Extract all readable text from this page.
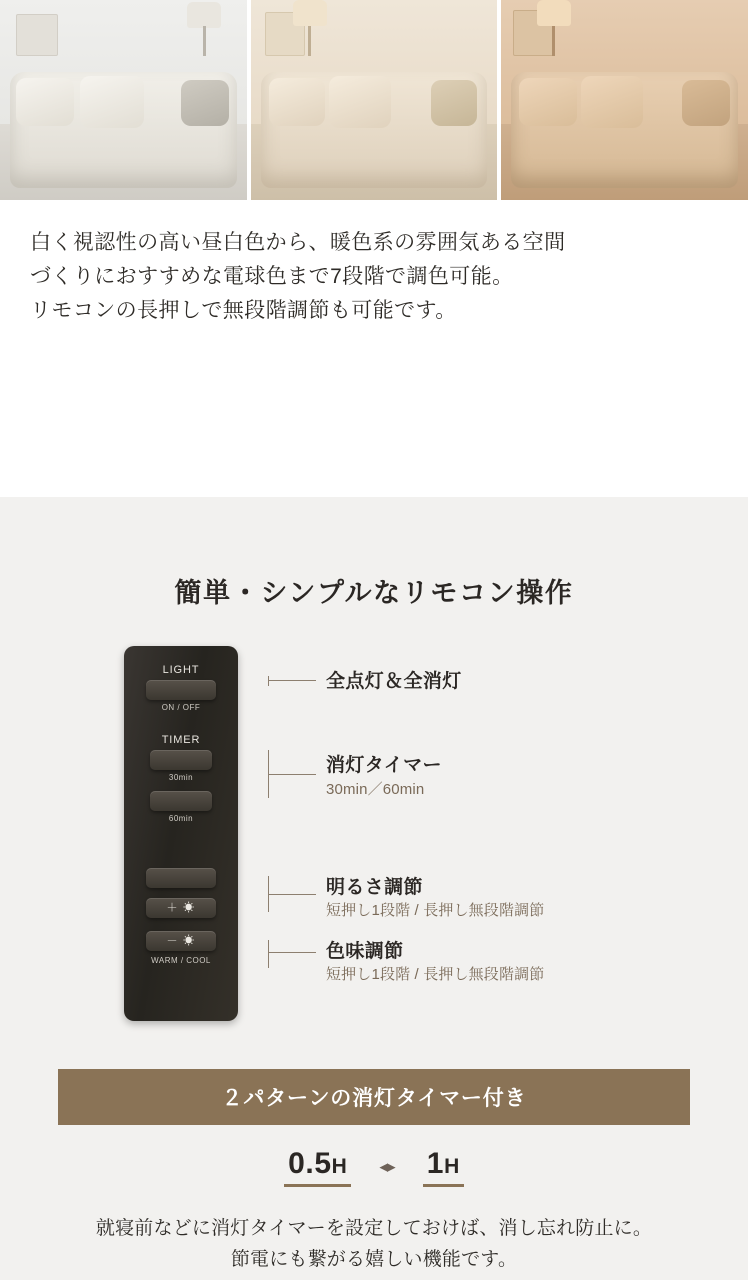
白く視認性の高い昼白色から、暖色系の雰囲気ある空間

づくりにおすすめな電球色まで7段階で調色可能。

リモコンの長押しで無段階調節も可能です。

簡単・シンプルなリモコン操作
LIGHT
ON / OFF
TIMER
30min
60min
＋ ☀
－ ☀
WARM / COOL
全点灯＆全消灯
消灯タイマー
30min／60min
明るさ調節
短押し1段階 / 長押し無段階調節
色味調節
短押し1段階 / 長押し無段階調節
２パターンの消灯タイマー付き
0.5H ◂▸ 1H

就寝前などに消灯タイマーを設定しておけば、消し忘れ防止に。

節電にも繋がる嬉しい機能です。
